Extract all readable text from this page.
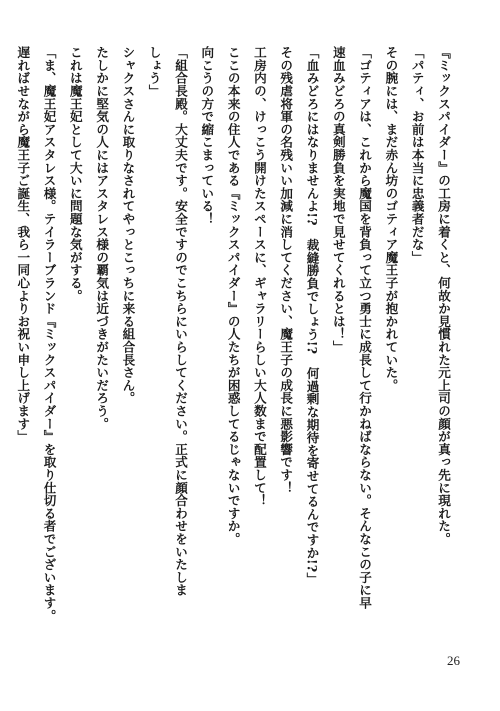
『ミックスパイダー』の工房に着くと、何故か見慣れた元上司の顔が真っ先に現れた。
「パティ、お前は本当に忠義者だな」
その腕には、まだ赤ん坊のゴティア魔王子が抱かれていた。
「ゴティアは、これから魔国を背負って立つ勇士に成長して行かねばならない。そんなこの子に早
速血みどろの真剣勝負を実地で見せてくれるとは！」
「血みどろにはなりませんよ!?　裁縫勝負でしょう!?　何過剰な期待を寄せてるんですか!?」
その残虐将軍の名残いい加減に消してください、魔王子の成長に悪影響です！
工房内の、けっこう開けたスペースに、ギャラリーらしい大人数まで配置して！
ここの本来の住人である『ミックスパイダー』の人たちが困惑してるじゃないですか。
向こうの方で縮こまっている！
「組合長殿。大丈夫です。安全ですのでこちらにいらしてください。正式に顔合わせをいたしま
しょう」
シャクスさんに取りなされてやっとこっちに来る組合長さん。
たしかに堅気の人にはアスタレス様の覇気は近づきがたいだろう。
これは魔王妃として大いに問題な気がする。
「ま、魔王妃アスタレス様。テイラーブランド『ミックスパイダー』を取り仕切る者でございます。
遅ればせながら魔王子ご誕生、我ら一同心よりお祝い申し上げます」
26
